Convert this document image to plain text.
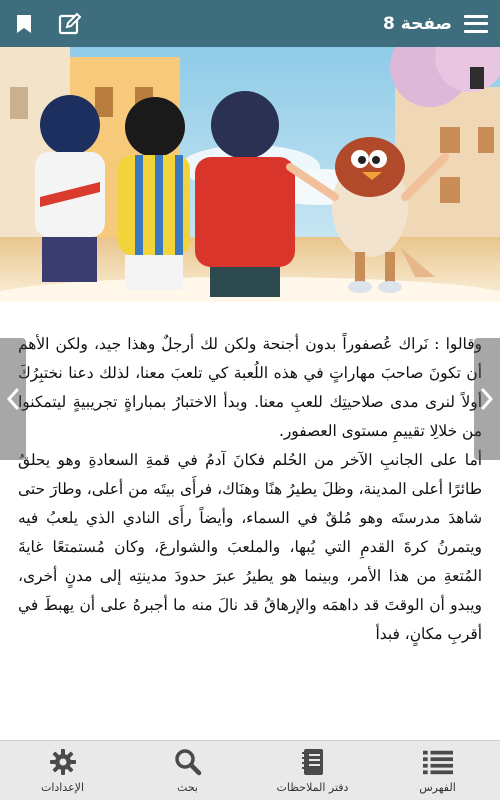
صفحة 8

وقالوا : نَراك عُصفوراً بدون أجنحة ولكن لك أرجلٌ وهذا جيد، ولكن الأهم أن تكونَ صاحبَ مهاراتٍ في هذه اللُعبة كي تلعبَ معنا، لذلك دعنا نختبِرُكَ أولاً لنرى مدى صلاحيتِك للعبِ معنا. وبدأ الاختبارُ بمباراةٍ تجريبيةٍ ليتمكنوا من خلالِا تقييمِ مستوى العصفور.

أما على الجانبِ الآخر من الحُلم فكانَ آدمُ في قمةِ السعادةِ وهو يحلقُ طائرًا أعلى المدينة، وظلَ يطيرُ هنًا وهنَاك، فرأَى بيتَه من أعلى، وطارَ حتى شاهدَ مدرستَه وهو مُلقٌ في السماء، وأيضاً رأَى النادي الذي يلعبُ فيه ويتمرنُ كرةَ القدمِ التي يُبها، والملعبَ والشوارعَ، وكان مُستمتعًا غايةَ المُتعةِ من هذا الأمر، وبينما هو يطيرُ عبرَ حدودَ مدينتِه إلى مدنٍ أخرى، ويبدو أن الوقتَ قد داهمَه والإرهاقُ قد نالَ منه ما أجبرهُ على أن يهبطَ في أقربِ مكانٍ، فبدأ

الإعدادات	بحث	دفتر الملاحظات	الفهرس
